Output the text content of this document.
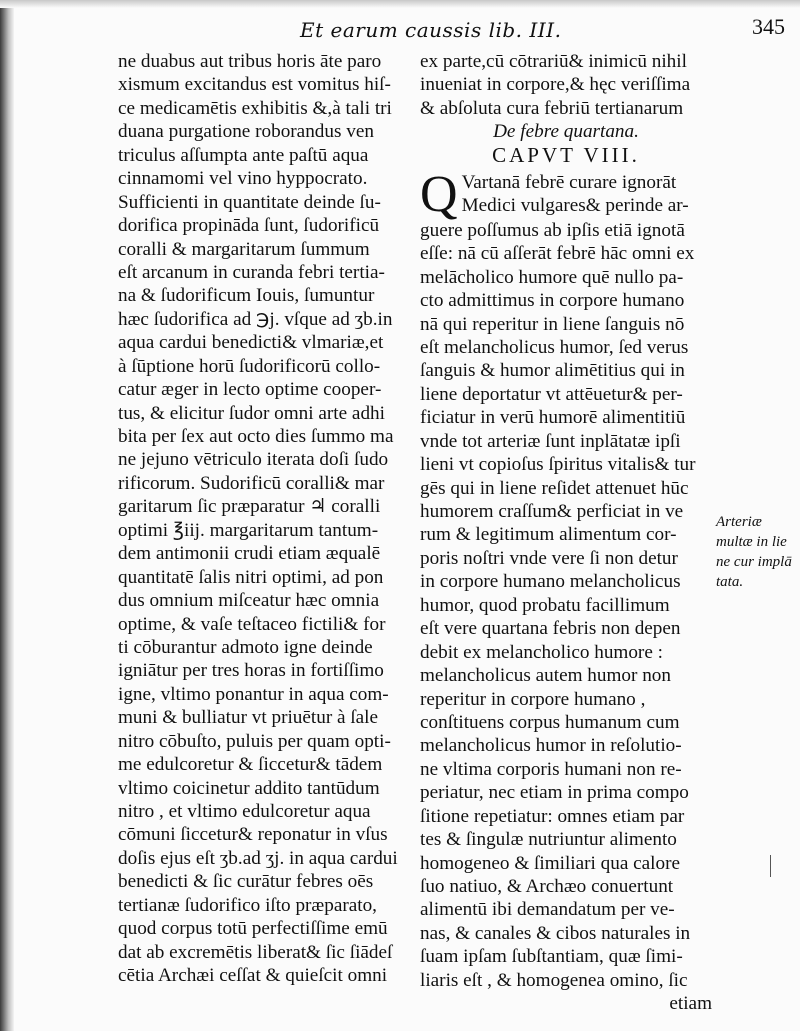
Et earum caussis lib. III.	345
ne duabus aut tribus horis āte paro
xismum excitandus est vomitus hiſ-
ce medicamētis exhibitis &,à tali tri
duana purgatione roborandus ven
triculus aſſumpta ante paſtū aqua
cinnamomi vel vino hyppocrato.
Sufficienti in quantitate deinde ſu-
dorifica propināda ſunt, ſudorificū
coralli & margaritarum ſummum
eſt arcanum in curanda febri tertia-
na & ſudorificum Iouis, ſumuntur
hæc ſudorifica ad ℈j. vſque ad ʒb.in
aqua cardui benedicti& vlmariæ,et
à ſūptione horū ſudorificorū collo-
catur æger in lecto optime cooper-
tus, & elicitur ſudor omni arte adhi
bita per ſex aut octo dies ſummo ma
ne jejuno vētriculo iterata doſi ſudo
rificorum. Sudorificū coralli& mar
garitarum ſic præparatur ♃ coralli
optimi ℥iij. margaritarum tantum-
dem antimonii crudi etiam æqualē
quantitatē ſalis nitri optimi, ad pon
dus omnium miſceatur hæc omnia
optime, & vaſe teſtaceo fictili& for
ti cōburantur admoto igne deinde
igniātur per tres horas in fortiſſimo
igne, vltimo ponantur in aqua com-
muni & bulliatur vt priuētur à ſale
nitro cōbuſto, puluis per quam opti-
me edulcoretur & ſiccetur& tādem
vltimo coicinetur addito tantūdum
nitro , et vltimo edulcoretur aqua
cōmuni ſiccetur& reponatur in vſus
doſis ejus eſt ʒb.ad ʒj. in aqua cardui
benedicti & ſic curātur febres oēs
tertianæ ſudorifico iſto præparato,
quod corpus totū perfectiſſime emū
dat ab excremētis liberat& ſic ſiādeſ
cētia Archæi ceſſat & quieſcit omni
ex parte,cū cōtrariū& inimicū nihil
inueniat in corpore,& hęc veriſſima
& abſoluta cura febriū tertianarum
De febre quartana.
CAPVT VIII.
Q Vartanā febrē curare ignorāt
Medici vulgares& perinde ar-
guere poſſumus ab ipſis etiā ignotā
eſſe: nā cū aſſerāt febrē hāc omni ex
melācholico humore quē nullo pa-
cto admittimus in corpore humano
nā qui reperitur in liene ſanguis nō
eſt melancholicus humor, ſed verus
ſanguis & humor alimētitius qui in
liene deportatur vt attēuetur& per-
ficiatur in verū humorē alimentitiū
vnde tot arteriæ ſunt inplātatæ ipſi
lieni vt copioſus ſpiritus vitalis& tur
gēs qui in liene reſidet attenuet hūc
humorem craſſum& perficiat in ve
rum & legitimum alimentum cor-
poris noſtri vnde vere ſi non detur
in corpore humano melancholicus
humor, quod probatu facillimum
eſt vere quartana febris non depen
debit ex melancholico humore :
melancholicus autem humor non
reperitur in corpore humano ,
conſtituens corpus humanum cum
melancholicus humor in reſolutio-
ne vltima corporis humani non re-
periatur, nec etiam in prima compo
ſitione repetiatur: omnes etiam par
tes & ſingulæ nutriuntur alimento
homogeneo & ſimiliari qua calore
ſuo natiuo, & Archæo conuertunt
alimentū ibi demandatum per ve-
nas, & canales & cibos naturales in
ſuam ipſam ſubſtantiam, quæ ſimi-
liaris eſt , & homogenea omino, ſic
etiam
Arteriæ
multæ in lie
ne cur implā
tata.
